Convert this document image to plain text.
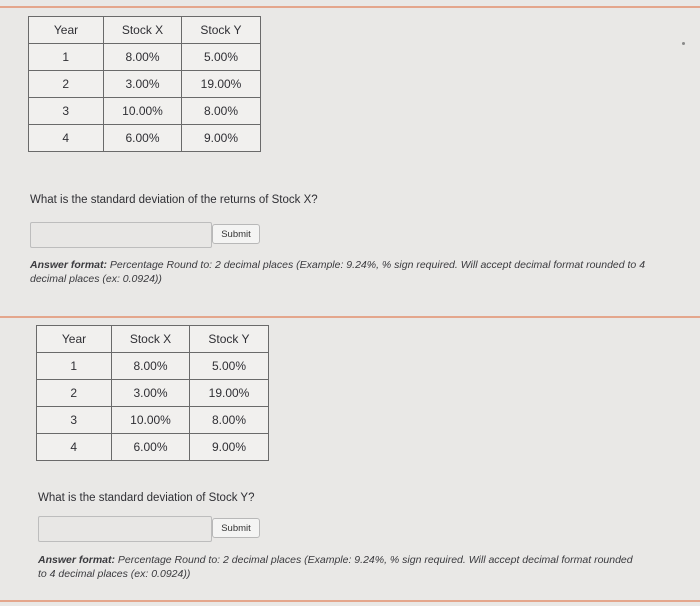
Year	Stock X	Stock Y
1	8.00%	5.00%
2	3.00%	19.00%
3	10.00%	8.00%
4	6.00%	9.00%
What is the standard deviation of the returns of Stock X?
Submit
Answer format: Percentage Round to: 2 decimal places (Example: 9.24%, % sign required. Will accept decimal format rounded to 4 decimal places (ex: 0.0924))
Year	Stock X	Stock Y
1	8.00%	5.00%
2	3.00%	19.00%
3	10.00%	8.00%
4	6.00%	9.00%
What is the standard deviation of Stock Y?
Submit
Answer format: Percentage Round to: 2 decimal places (Example: 9.24%, % sign required. Will accept decimal format rounded to 4 decimal places (ex: 0.0924))
